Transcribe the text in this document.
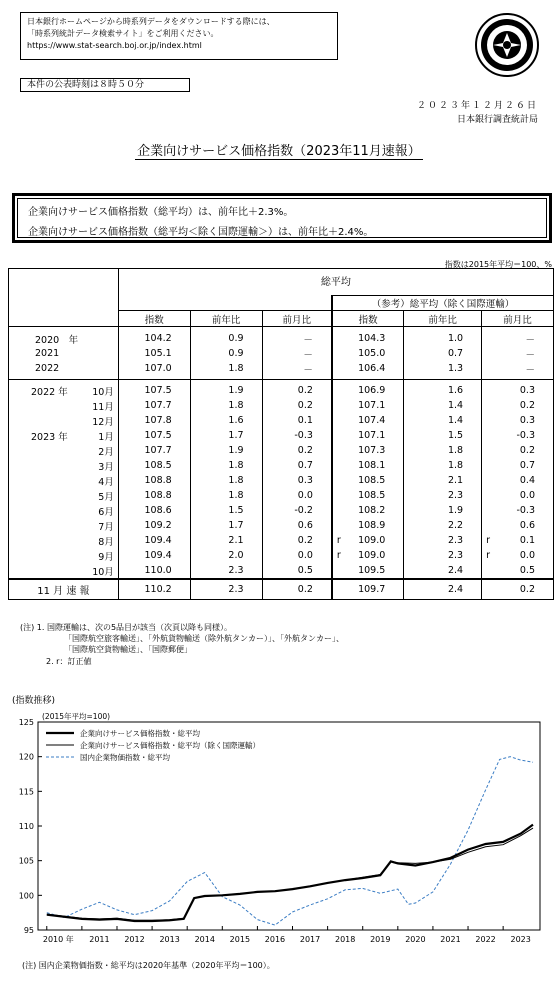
日本銀行ホームページから時系列データをダウンロードする際には、
「時系列統計データ検索サイト」をご利用ください。
https://www.stat-search.boj.or.jp/index.html
本件の公表時刻は８時５０分
２０２３年１２月２６日
日本銀行調査統計局
企業向けサービス価格指数（2023年11月速報）
企業向けサービス価格指数（総平均）は、前年比＋2.3%。
企業向けサービス価格指数（総平均＜除く国際運輸＞）は、前年比＋2.4%。
指数は2015年平均＝100、%
	総平均					
				（参考）総平均（除く国際運輸）		
	指数	前年比	前月比	指数	前年比	前月比

2020　年	104.2	0.9	－	104.3	1.0	－
2021	105.1	0.9	－	105.0	0.7	－
2022	107.0	1.8	－	106.4	1.3	－

2022 年 10月	107.5	1.9	0.2	106.9	1.6	0.3

11月	107.7	1.8	0.2	107.1	1.4	0.2

12月	107.8	1.6	0.1	107.4	1.4	0.3

2023 年 1月	107.5	1.7	-0.3	107.1	1.5	-0.3

2月	107.7	1.9	0.2	107.3	1.8	0.2

3月	108.5	1.8	0.7	108.1	1.8	0.7

4月	108.8	1.8	0.3	108.5	2.1	0.4

5月	108.8	1.8	0.0	108.5	2.3	0.0

6月	108.6	1.5	-0.2	108.2	1.9	-0.3

7月	109.2	1.7	0.6	108.9	2.2	0.6

8月	109.4	2.1	0.2	r 109.0	2.3	r 0.1

9月	109.4	2.0	0.0	r 109.0	2.3	r 0.0

10月	110.0	2.3	0.5	109.5	2.4	0.5

11 月 速 報	110.2	2.3	0.2	109.7	2.4	0.2
(注) 1. 国際運輸は、次の5品目が該当（次頁以降も同様）。
「国際航空旅客輸送」、「外航貨物輸送（除外航タンカー）」、「外航タンカー」、
「国際航空貨物輸送」、「国際郵便」
2. r：訂正値
(指数推移)
95
100
105
110
115
120
125
2010 年 2011 2012 2013 2014 2015 2016 2017 2018 2019 2020 2021 2022 2023
(2015年平均=100)
企業向けサービス価格指数・総平均
企業向けサービス価格指数・総平均（除く国際運輸）
国内企業物価指数・総平均
(注) 国内企業物価指数・総平均は2020年基準（2020年平均＝100）。
